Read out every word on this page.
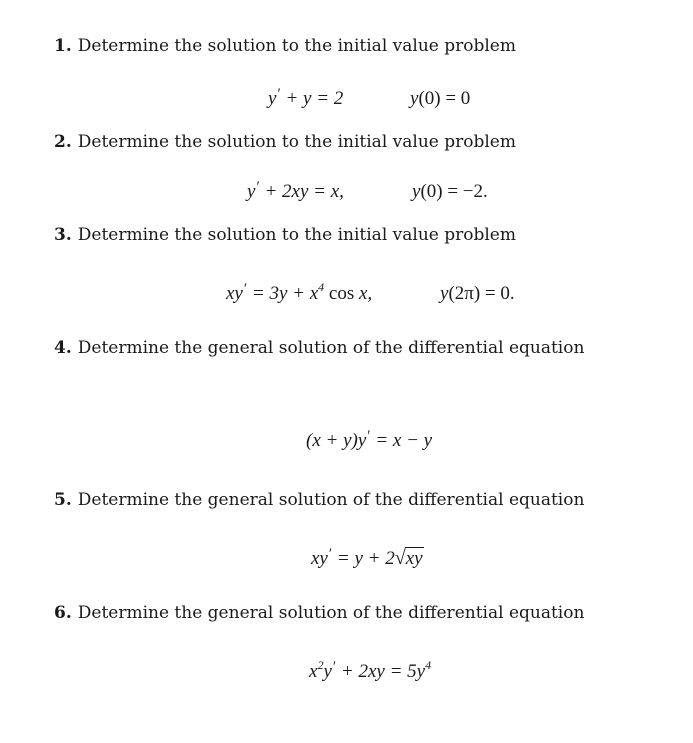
1. Determine the solution to the initial value problem
y′ + y = 2	y(0) = 0
2. Determine the solution to the initial value problem
y′ + 2xy = x,	y(0) = −2.
3. Determine the solution to the initial value problem
$xy' = 3y + x^4$ cos x,	y(2π) = 0.
4. Determine the general solution of the differential equation
(x + y)y′ = x − y
5. Determine the general solution of the differential equation
xy′ = y + 2√xy
6. Determine the general solution of the differential equation
$x^2y' + 2xy = 5y^4$
